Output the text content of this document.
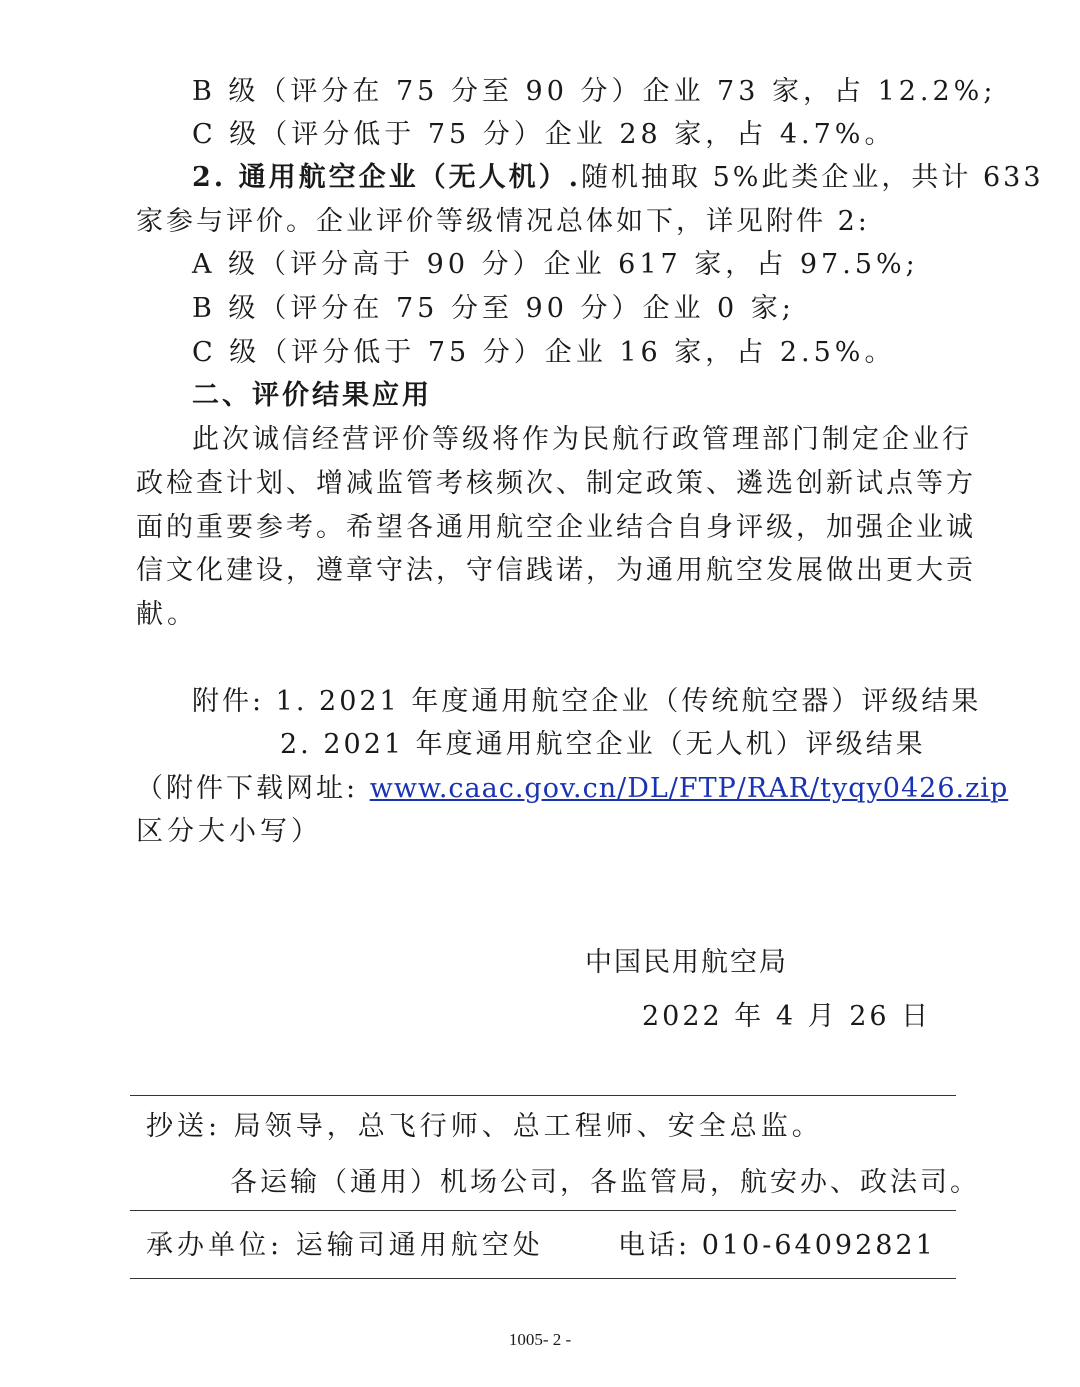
B 级（评分在 75 分至 90 分）企业 73 家，占 12.2%;
C 级（评分低于 75 分）企业 28 家，占 4.7%。
2. 通用航空企业（无人机）.随机抽取 5%此类企业，共计 633
家参与评价。企业评价等级情况总体如下，详见附件 2:
A 级（评分高于 90 分）企业 617 家，占 97.5%;
B 级（评分在 75 分至 90 分）企业 0 家;
C 级（评分低于 75 分）企业 16 家，占 2.5%。
二、评价结果应用
此次诚信经营评价等级将作为民航行政管理部门制定企业行
政检查计划、增减监管考核频次、制定政策、遴选创新试点等方
面的重要参考。希望各通用航空企业结合自身评级，加强企业诚
信文化建设，遵章守法，守信践诺，为通用航空发展做出更大贡
献。
附件: 1. 2021 年度通用航空企业（传统航空器）评级结果
2. 2021 年度通用航空企业（无人机）评级结果
（附件下载网址: www.caac.gov.cn/DL/FTP/RAR/tyqy0426.zip
区分大小写）
中国民用航空局
2022 年 4 月 26 日
抄送: 局领导，总飞行师、总工程师、安全总监。
各运输（通用）机场公司，各监管局，航安办、政法司。
承办单位: 运输司通用航空处	电话: 010-64092821
1005- 2 -
